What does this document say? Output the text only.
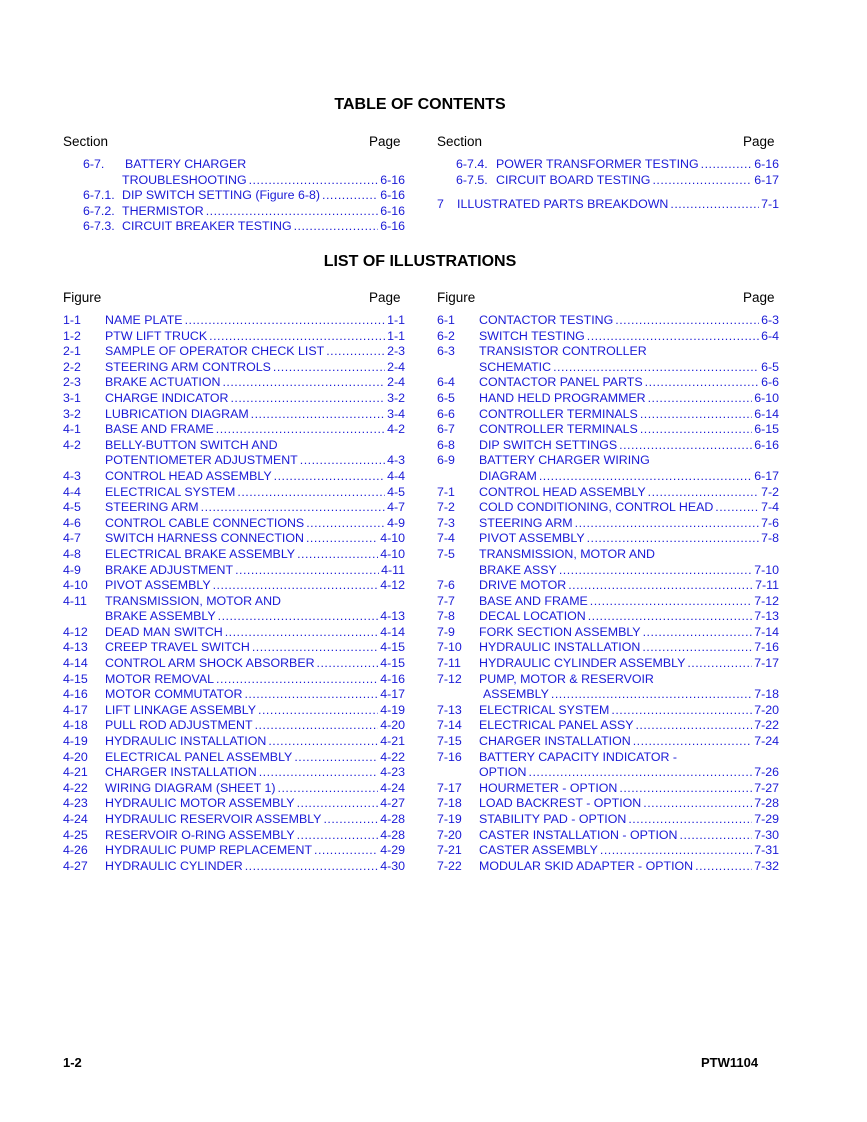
TABLE OF CONTENTS
Section	Page	Section	Page
6-7. BATTERY CHARGER
TROUBLESHOOTING .....	6-16
6-7.1. DIP SWITCH SETTING (Figure 6-8) .....	6-16
6-7.2. THERMISTOR .....	6-16
6-7.3. CIRCUIT BREAKER TESTING .....	6-16
6-7.4. POWER TRANSFORMER TESTING .....	6-16
6-7.5. CIRCUIT BOARD TESTING .....	6-17
7 ILLUSTRATED PARTS BREAKDOWN .....	7-1
LIST OF ILLUSTRATIONS
Figure	Page	Figure	Page
1-1 NAME PLATE .....	1-1
1-2 PTW LIFT TRUCK .....	1-1
2-1 SAMPLE OF OPERATOR CHECK LIST .....	2-3
2-2 STEERING ARM CONTROLS .....	2-4
2-3 BRAKE ACTUATION .....	2-4
3-1 CHARGE INDICATOR .....	3-2
3-2 LUBRICATION DIAGRAM .....	3-4
4-1 BASE AND FRAME .....	4-2
4-2 BELLY-BUTTON SWITCH AND
POTENTIOMETER ADJUSTMENT .....	4-3
4-3 CONTROL HEAD ASSEMBLY .....	4-4
4-4 ELECTRICAL SYSTEM .....	4-5
4-5 STEERING ARM .....	4-7
4-6 CONTROL CABLE CONNECTIONS .....	4-9
4-7 SWITCH HARNESS CONNECTION .....	4-10
4-8 ELECTRICAL BRAKE ASSEMBLY .....	4-10
4-9 BRAKE ADJUSTMENT .....	4-11
4-10 PIVOT ASSEMBLY .....	4-12
4-11 TRANSMISSION, MOTOR AND
BRAKE ASSEMBLY .....	4-13
4-12 DEAD MAN SWITCH .....	4-14
4-13 CREEP TRAVEL SWITCH .....	4-15
4-14 CONTROL ARM SHOCK ABSORBER .....	4-15
4-15 MOTOR REMOVAL .....	4-16
4-16 MOTOR COMMUTATOR .....	4-17
4-17 LIFT LINKAGE ASSEMBLY .....	4-19
4-18 PULL ROD ADJUSTMENT .....	4-20
4-19 HYDRAULIC INSTALLATION .....	4-21
4-20 ELECTRICAL PANEL ASSEMBLY .....	4-22
4-21 CHARGER INSTALLATION .....	4-23
4-22 WIRING DIAGRAM (SHEET 1) .....	4-24
4-23 HYDRAULIC MOTOR ASSEMBLY .....	4-27
4-24 HYDRAULIC RESERVOIR ASSEMBLY .....	4-28
4-25 RESERVOIR O-RING ASSEMBLY .....	4-28
4-26 HYDRAULIC PUMP REPLACEMENT .....	4-29
4-27 HYDRAULIC CYLINDER .....	4-30
6-1 CONTACTOR TESTING .....	6-3
6-2 SWITCH TESTING .....	6-4
6-3 TRANSISTOR CONTROLLER
SCHEMATIC .....	6-5
6-4 CONTACTOR PANEL PARTS .....	6-6
6-5 HAND HELD PROGRAMMER .....	6-10
6-6 CONTROLLER TERMINALS .....	6-14
6-7 CONTROLLER TERMINALS .....	6-15
6-8 DIP SWITCH SETTINGS .....	6-16
6-9 BATTERY CHARGER WIRING
DIAGRAM .....	6-17
7-1 CONTROL HEAD ASSEMBLY .....	7-2
7-2 COLD CONDITIONING, CONTROL HEAD .....	7-4
7-3 STEERING ARM .....	7-6
7-4 PIVOT ASSEMBLY .....	7-8
7-5 TRANSMISSION, MOTOR AND
BRAKE ASSY .....	7-10
7-6 DRIVE MOTOR .....	7-11
7-7 BASE AND FRAME .....	7-12
7-8 DECAL LOCATION .....	7-13
7-9 FORK SECTION ASSEMBLY .....	7-14
7-10 HYDRAULIC INSTALLATION .....	7-16
7-11 HYDRAULIC CYLINDER ASSEMBLY .....	7-17
7-12 PUMP, MOTOR & RESERVOIR
ASSEMBLY .....	7-18
7-13 ELECTRICAL SYSTEM .....	7-20
7-14 ELECTRICAL PANEL ASSY .....	7-22
7-15 CHARGER INSTALLATION .....	7-24
7-16 BATTERY CAPACITY INDICATOR -
OPTION .....	7-26
7-17 HOURMETER - OPTION .....	7-27
7-18 LOAD BACKREST - OPTION .....	7-28
7-19 STABILITY PAD - OPTION .....	7-29
7-20 CASTER INSTALLATION - OPTION .....	7-30
7-21 CASTER ASSEMBLY .....	7-31
7-22 MODULAR SKID ADAPTER - OPTION .....	7-32
1-2	PTW1104
